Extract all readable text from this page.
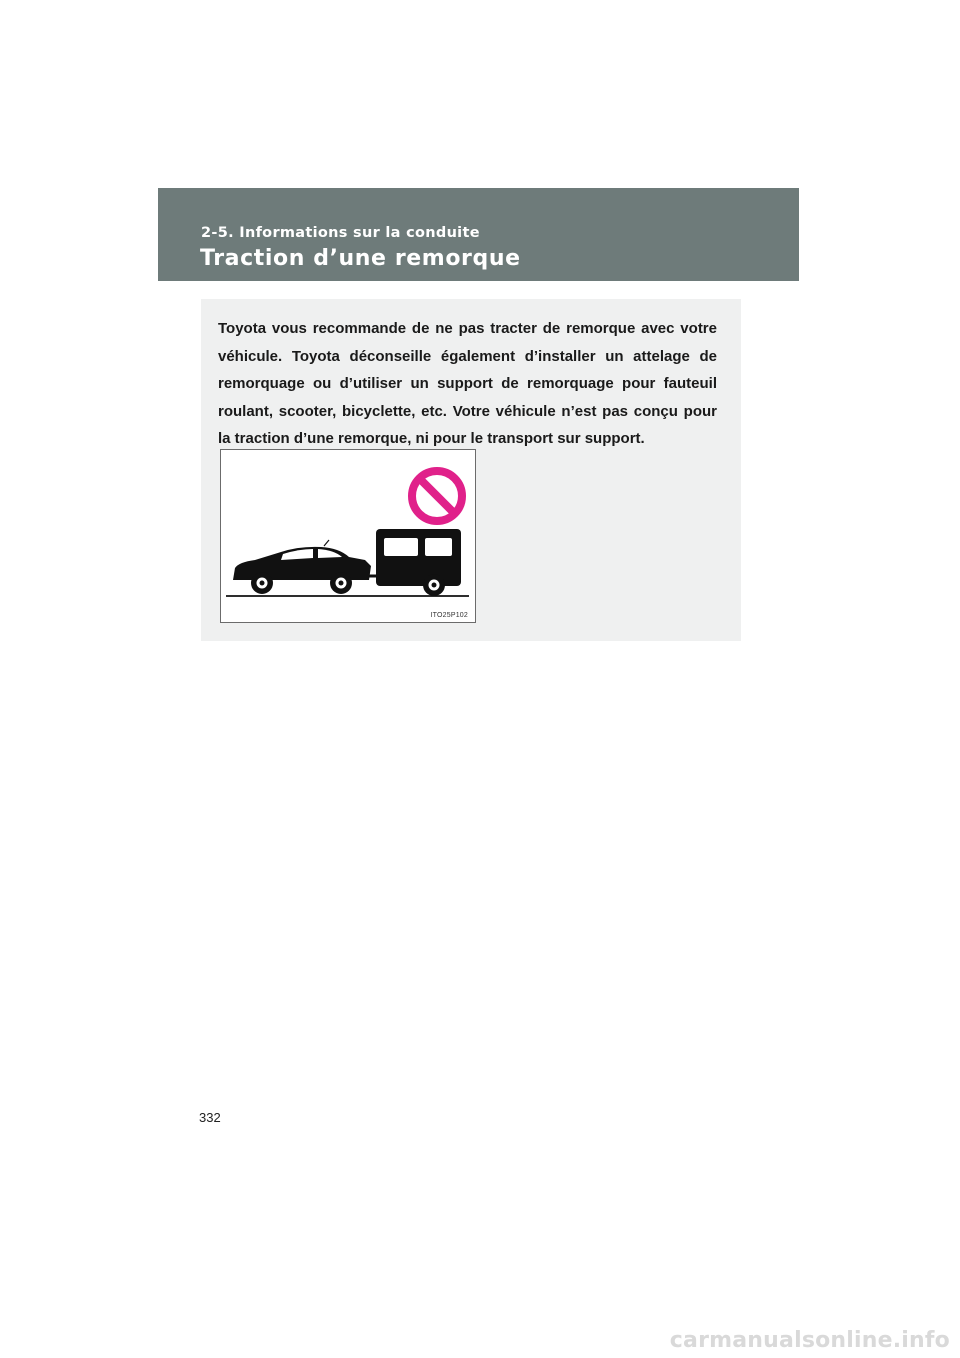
2-5. Informations sur la conduite
Traction d’une remorque

Toyota vous recommande de ne pas tracter de remorque avec votre véhicule. Toyota déconseille également d’installer un attelage de remorquage ou d’utiliser un support de remorquage pour fauteuil roulant, scooter, bicyclette, etc. Votre véhicule n’est pas conçu pour la traction d’une remorque, ni pour le transport sur support.

ITO25P102
332
carmanualsonline.info
